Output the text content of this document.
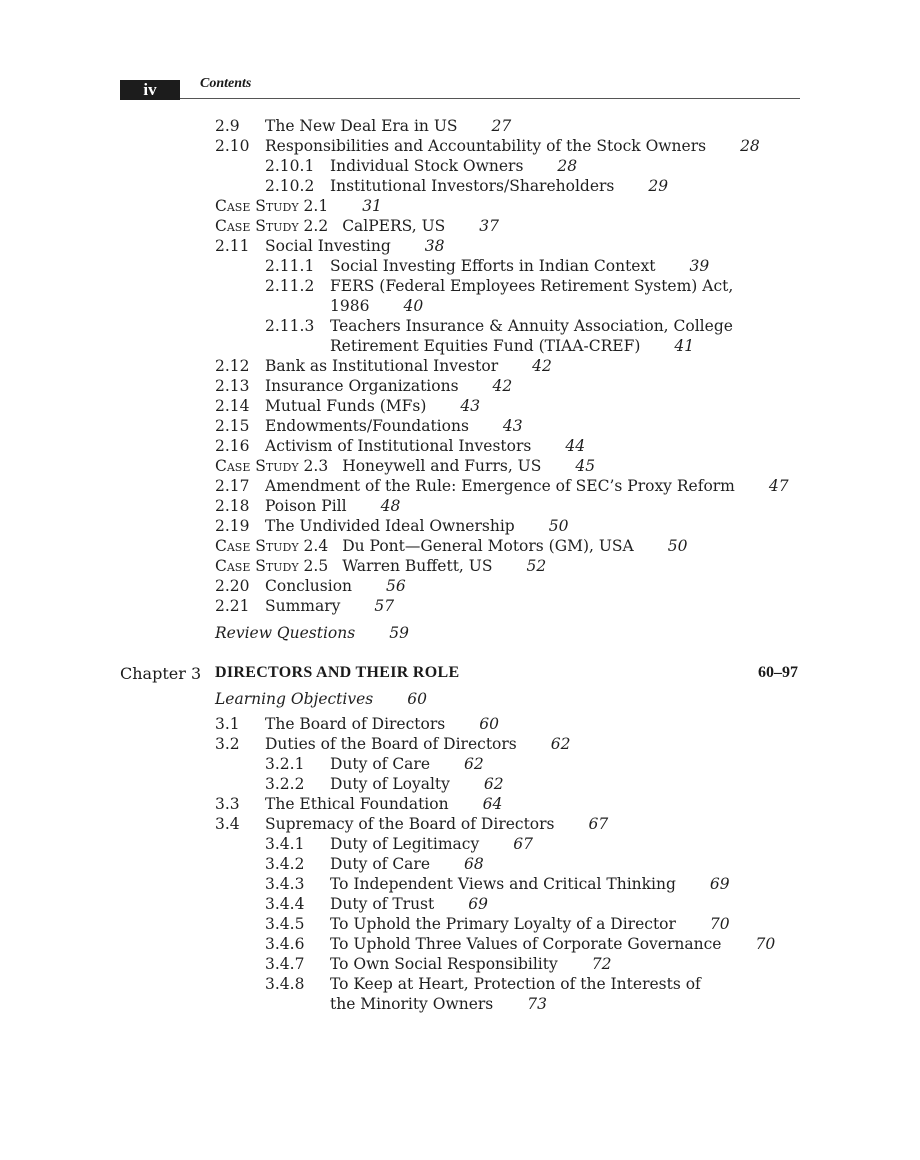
iv	Contents
2.9 The New Deal Era in US 27
2.10 Responsibilities and Accountability of the Stock Owners 28
2.10.1 Individual Stock Owners 28
2.10.2 Institutional Investors/Shareholders 29
Case Study 2.1 31
Case Study 2.2 CalPERS, US 37
2.11 Social Investing 38
2.11.1 Social Investing Efforts in Indian Context 39
2.11.2 FERS (Federal Employees Retirement System) Act,
1986 40
2.11.3 Teachers Insurance & Annuity Association, College
Retirement Equities Fund (TIAA-CREF) 41
2.12 Bank as Institutional Investor 42
2.13 Insurance Organizations 42
2.14 Mutual Funds (MFs) 43
2.15 Endowments/Foundations 43
2.16 Activism of Institutional Investors 44
Case Study 2.3 Honeywell and Furrs, US 45
2.17 Amendment of the Rule: Emergence of SEC’s Proxy Reform 47
2.18 Poison Pill 48
2.19 The Undivided Ideal Ownership 50
Case Study 2.4 Du Pont—General Motors (GM), USA 50
Case Study 2.5 Warren Buffett, US 52
2.20 Conclusion 56
2.21 Summary 57
Review Questions 59
Chapter 3 DIRECTORS AND THEIR ROLE	60–97
Learning Objectives 60
3.1 The Board of Directors 60
3.2 Duties of the Board of Directors 62
3.2.1 Duty of Care 62
3.2.2 Duty of Loyalty 62
3.3 The Ethical Foundation 64
3.4 Supremacy of the Board of Directors 67
3.4.1 Duty of Legitimacy 67
3.4.2 Duty of Care 68
3.4.3 To Independent Views and Critical Thinking 69
3.4.4 Duty of Trust 69
3.4.5 To Uphold the Primary Loyalty of a Director 70
3.4.6 To Uphold Three Values of Corporate Governance 70
3.4.7 To Own Social Responsibility 72
3.4.8 To Keep at Heart, Protection of the Interests of
the Minority Owners 73
